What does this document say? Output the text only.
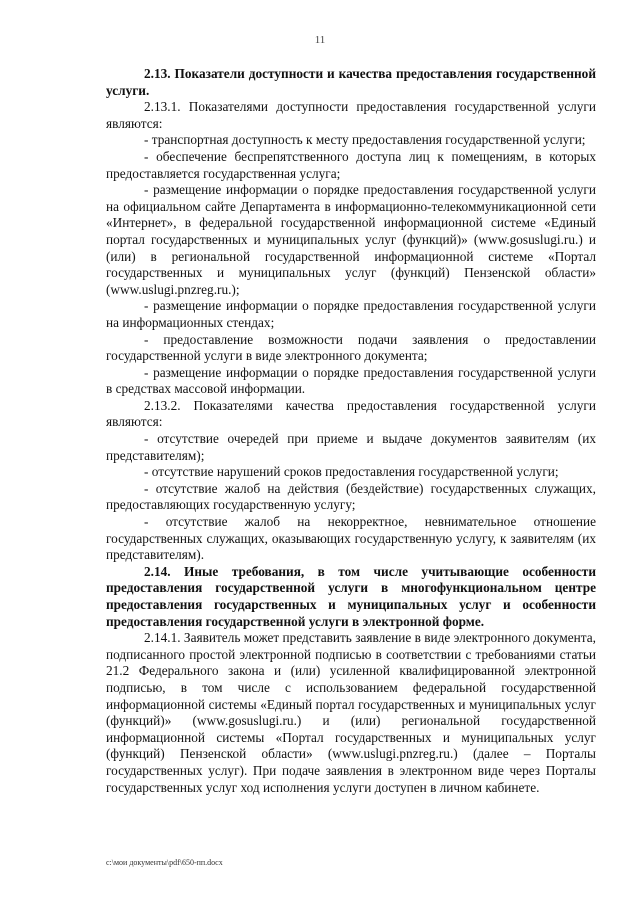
11

2.13. Показатели доступности и качества предоставления государственной услуги.

2.13.1. Показателями доступности предоставления государственной услуги являются:

- транспортная доступность к месту предоставления государственной услуги;

- обеспечение беспрепятственного доступа лиц к помещениям, в которых предоставляется государственная услуга;

- размещение информации о порядке предоставления государственной услуги на официальном сайте Департамента в информационно-телекоммуникационной сети «Интернет», в федеральной государственной информационной системе «Единый портал государственных и муниципальных услуг (функций)» (www.gosuslugi.ru.) и (или) в региональной государственной информационной системе «Портал государственных и муниципальных услуг (функций) Пензенской области» (www.uslugi.pnzreg.ru.);

- размещение информации о порядке предоставления государственной услуги на информационных стендах;

- предоставление возможности подачи заявления о предоставлении государственной услуги в виде электронного документа;

- размещение информации о порядке предоставления государственной услуги в средствах массовой информации.

2.13.2. Показателями качества предоставления государственной услуги являются:

- отсутствие очередей при приеме и выдаче документов заявителям (их представителям);

- отсутствие нарушений сроков предоставления государственной услуги;

- отсутствие жалоб на действия (бездействие) государственных служащих, предоставляющих государственную услугу;

- отсутствие жалоб на некорректное, невнимательное отношение государственных служащих, оказывающих государственную услугу, к заявителям (их представителям).

2.14. Иные требования, в том числе учитывающие особенности предоставления государственной услуги в многофункциональном центре предоставления государственных и муниципальных услуг и особенности предоставления государственной услуги в электронной форме.

2.14.1. Заявитель может представить заявление в виде электронного документа, подписанного простой электронной подписью в соответствии с требованиями статьи 21.2 Федерального закона и (или) усиленной квалифицированной электронной подписью, в том числе с использованием федеральной государственной информационной системы «Единый портал государственных и муниципальных услуг (функций)» (www.gosuslugi.ru.) и (или) региональной государственной информационной системы «Портал государственных и муниципальных услуг (функций) Пензенской области» (www.uslugi.pnzreg.ru.) (далее – Порталы государственных услуг). При подаче заявления в электронном виде через Порталы государственных услуг ход исполнения услуги доступен в личном кабинете.

c:\мои документы\pdf\650-пп.docx
